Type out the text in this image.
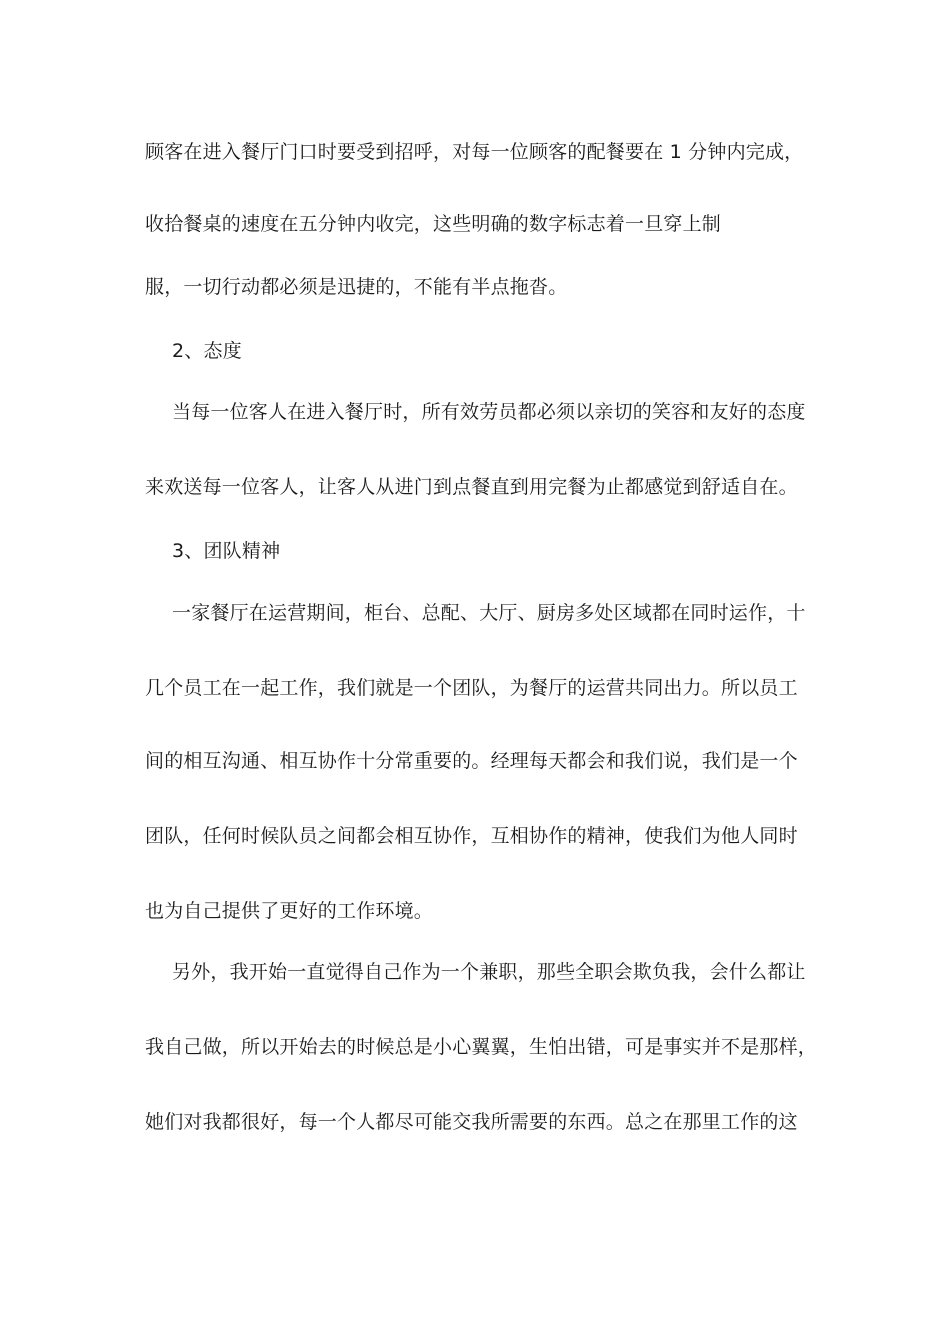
顾客在进入餐厅门口时要受到招呼，对每一位顾客的配餐要在 1 分钟内完成，
收拾餐桌的速度在五分钟内收完，这些明确的数字标志着一旦穿上制
服，一切行动都必须是迅捷的，不能有半点拖沓。
2、态度
当每一位客人在进入餐厅时，所有效劳员都必须以亲切的笑容和友好的态度
来欢送每一位客人，让客人从进门到点餐直到用完餐为止都感觉到舒适自在。
3、团队精神
一家餐厅在运营期间，柜台、总配、大厅、厨房多处区域都在同时运作，十
几个员工在一起工作，我们就是一个团队，为餐厅的运营共同出力。所以员工
间的相互沟通、相互协作十分常重要的。经理每天都会和我们说，我们是一个
团队，任何时候队员之间都会相互协作，互相协作的精神，使我们为他人同时
也为自己提供了更好的工作环境。
另外，我开始一直觉得自己作为一个兼职，那些全职会欺负我，会什么都让
我自己做，所以开始去的时候总是小心翼翼，生怕出错，可是事实并不是那样，
她们对我都很好，每一个人都尽可能交我所需要的东西。总之在那里工作的这
